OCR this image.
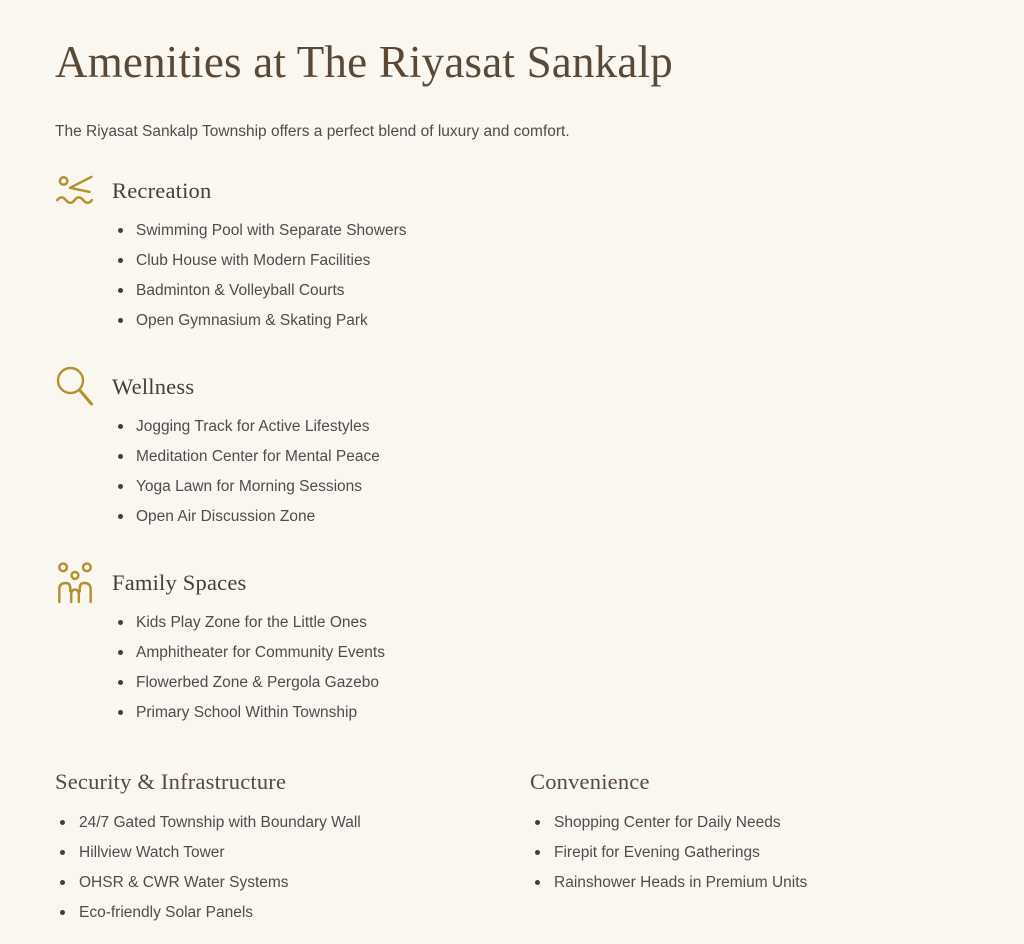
Amenities at The Riyasat Sankalp
The Riyasat Sankalp Township offers a perfect blend of luxury and comfort.
Recreation
Swimming Pool with Separate Showers
Club House with Modern Facilities
Badminton & Volleyball Courts
Open Gymnasium & Skating Park
Wellness
Jogging Track for Active Lifestyles
Meditation Center for Mental Peace
Yoga Lawn for Morning Sessions
Open Air Discussion Zone
Family Spaces
Kids Play Zone for the Little Ones
Amphitheater for Community Events
Flowerbed Zone & Pergola Gazebo
Primary School Within Township
Security & Infrastructure
24/7 Gated Township with Boundary Wall
Hillview Watch Tower
OHSR & CWR Water Systems
Eco-friendly Solar Panels
Convenience
Shopping Center for Daily Needs
Firepit for Evening Gatherings
Rainshower Heads in Premium Units
